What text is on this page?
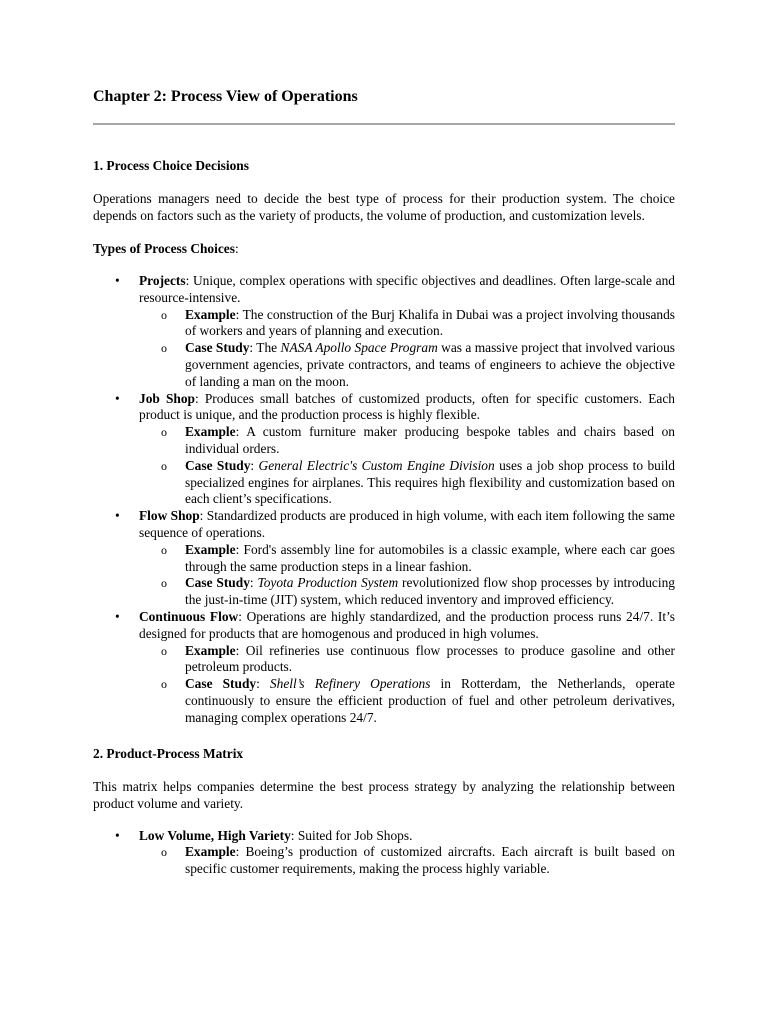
Chapter 2: Process View of Operations
1. Process Choice Decisions

Operations managers need to decide the best type of process for their production system. The choice depends on factors such as the variety of products, the volume of production, and customization levels.

Types of Process Choices:

• Projects: Unique, complex operations with specific objectives and deadlines. Often large-scale and resource-intensive.
o Example: The construction of the Burj Khalifa in Dubai was a project involving thousands of workers and years of planning and execution.
o Case Study: The NASA Apollo Space Program was a massive project that involved various government agencies, private contractors, and teams of engineers to achieve the objective of landing a man on the moon.
• Job Shop: Produces small batches of customized products, often for specific customers. Each product is unique, and the production process is highly flexible.
o Example: A custom furniture maker producing bespoke tables and chairs based on individual orders.
o Case Study: General Electric's Custom Engine Division uses a job shop process to build specialized engines for airplanes. This requires high flexibility and customization based on each client’s specifications.
• Flow Shop: Standardized products are produced in high volume, with each item following the same sequence of operations.
o Example: Ford's assembly line for automobiles is a classic example, where each car goes through the same production steps in a linear fashion.
o Case Study: Toyota Production System revolutionized flow shop processes by introducing the just-in-time (JIT) system, which reduced inventory and improved efficiency.
• Continuous Flow: Operations are highly standardized, and the production process runs 24/7. It’s designed for products that are homogenous and produced in high volumes.
o Example: Oil refineries use continuous flow processes to produce gasoline and other petroleum products.
o Case Study: Shell’s Refinery Operations in Rotterdam, the Netherlands, operate continuously to ensure the efficient production of fuel and other petroleum derivatives, managing complex operations 24/7.
2. Product-Process Matrix

This matrix helps companies determine the best process strategy by analyzing the relationship between product volume and variety.

• Low Volume, High Variety: Suited for Job Shops.
o Example: Boeing’s production of customized aircrafts. Each aircraft is built based on specific customer requirements, making the process highly variable.
